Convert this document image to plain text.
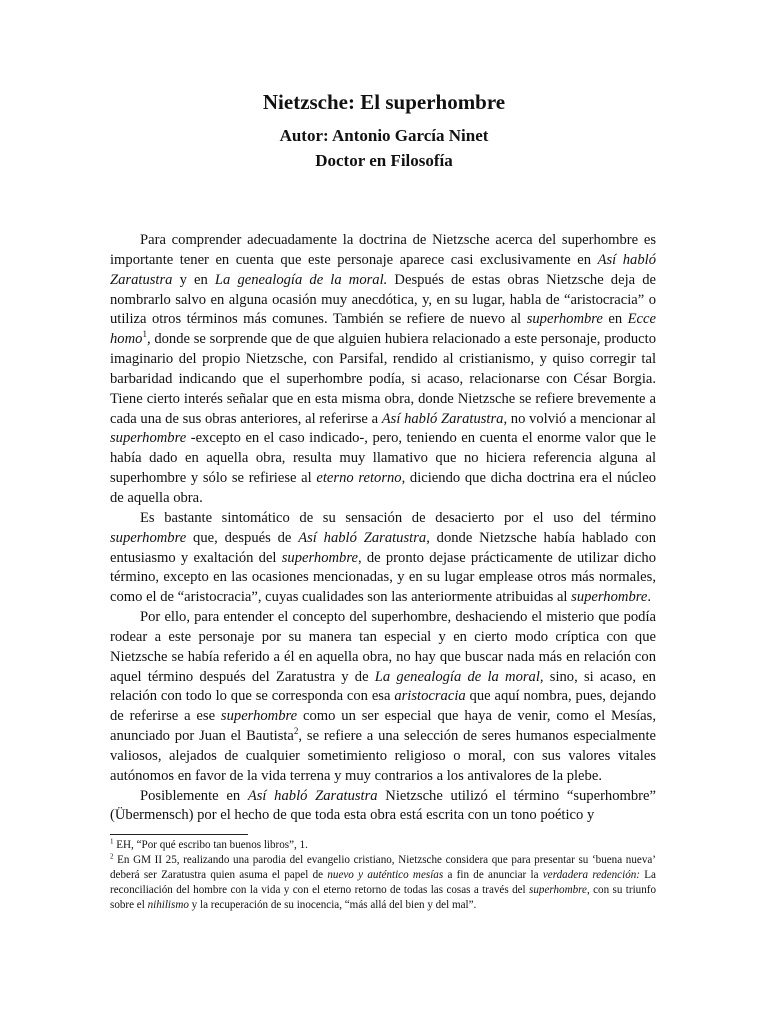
Nietzsche: El superhombre
Autor: Antonio García Ninet
Doctor en Filosofía

Para comprender adecuadamente la doctrina de Nietzsche acerca del superhombre es importante tener en cuenta que este personaje aparece casi exclusivamente en Así habló Zaratustra y en La genealogía de la moral. Después de estas obras Nietzsche deja de nombrarlo salvo en alguna ocasión muy anecdótica, y, en su lugar, habla de “aristocracia” o utiliza otros términos más comunes. También se refiere de nuevo al superhombre en Ecce homo$^1$, donde se sorprende que de que alguien hubiera relacionado a este personaje, producto imaginario del propio Nietzsche, con Parsifal, rendido al cristianismo, y quiso corregir tal barbaridad indicando que el superhombre podía, si acaso, relacionarse con César Borgia. Tiene cierto interés señalar que en esta misma obra, donde Nietzsche se refiere brevemente a cada una de sus obras anteriores, al referirse a Así habló Zaratustra, no volvió a mencionar al superhombre -excepto en el caso indicado-, pero, teniendo en cuenta el enorme valor que le había dado en aquella obra, resulta muy llamativo que no hiciera referencia alguna al superhombre y sólo se refiriese al eterno retorno, diciendo que dicha doctrina era el núcleo de aquella obra.

Es bastante sintomático de su sensación de desacierto por el uso del término superhombre que, después de Así habló Zaratustra, donde Nietzsche había hablado con entusiasmo y exaltación del superhombre, de pronto dejase prácticamente de utilizar dicho término, excepto en las ocasiones mencionadas, y en su lugar emplease otros más normales, como el de “aristocracia”, cuyas cualidades son las anteriormente atribuidas al superhombre.

Por ello, para entender el concepto del superhombre, deshaciendo el misterio que podía rodear a este personaje por su manera tan especial y en cierto modo críptica con que Nietzsche se había referido a él en aquella obra, no hay que buscar nada más en relación con aquel término después del Zaratustra y de La genealogía de la moral, sino, si acaso, en relación con todo lo que se corresponda con esa aristocracia que aquí nombra, pues, dejando de referirse a ese superhombre como un ser especial que haya de venir, como el Mesías, anunciado por Juan el Bautista$^2$, se refiere a una selección de seres humanos especialmente valiosos, alejados de cualquier sometimiento religioso o moral, con sus valores vitales autónomos en favor de la vida terrena y muy contrarios a los antivalores de la plebe.

Posiblemente en Así habló Zaratustra Nietzsche utilizó el término “superhombre” (Übermensch) por el hecho de que toda esta obra está escrita con un tono poético y

$^1$ EH, “Por qué escribo tan buenos libros”, 1.

$^2$ En GM II 25, realizando una parodia del evangelio cristiano, Nietzsche considera que para presentar su ‘buena nueva’ deberá ser Zaratustra quien asuma el papel de nuevo y auténtico mesías a fin de anunciar la verdadera redención: La reconciliación del hombre con la vida y con el eterno retorno de todas las cosas a través del superhombre, con su triunfo sobre el nihilismo y la recuperación de su inocencia, “más allá del bien y del mal”.
